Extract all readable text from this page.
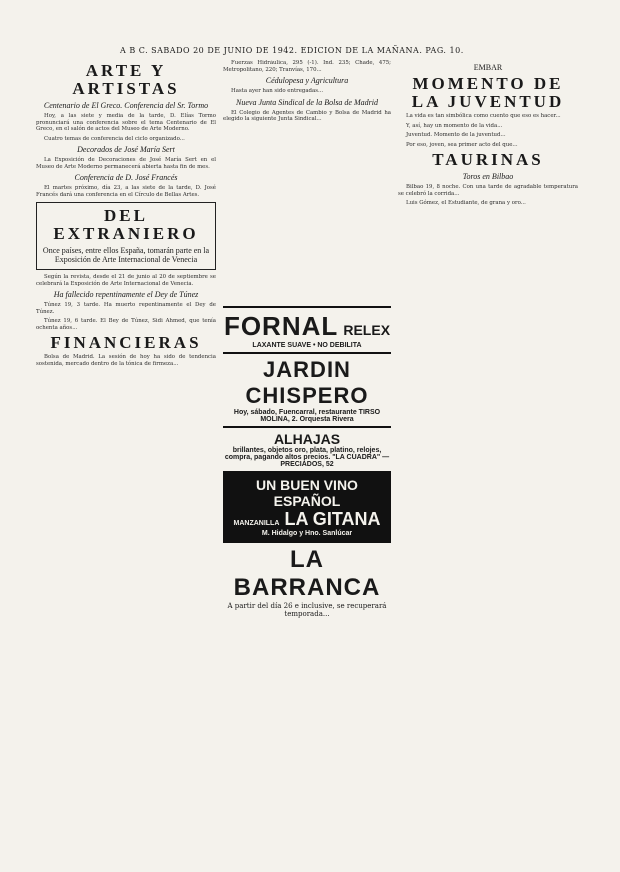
A B C. SABADO 20 DE JUNIO DE 1942. EDICION DE LA MAÑANA. PAG. 10.
ARTE Y ARTISTAS
Centenario de El Greco. Conferencia del Sr. Tormo

Hoy, a las siete y media de la tarde, D. Elías Tormo pronunciará una conferencia sobre el tema Centenario de El Greco, en el salón de actos del Museo de Arte Moderno.

Cuatro temas de conferencia del ciclo organizado...

Decorados de José María Sert

La Exposición de Decoraciones de José María Sert en el Museo de Arte Moderno permanecerá abierta hasta fin de mes.

Conferencia de D. José Francés

El martes próximo, día 23, a las siete de la tarde, D. José Francés dará una conferencia en el Círculo de Bellas Artes.

DEL EXTRANIERO
Once países, entre ellos España, tomarán parte en la Exposición de Arte Internacional de Venecia

Según la revista, desde el 21 de junio al 20 de septiembre se celebrará la Exposición de Arte Internacional de Venecia.

Ha fallecido repentinamente el Dey de Túnez

Túnez 19, 3 tarde. Ha muerto repentinamente el Dey de Túnez.

Túnez 19, 6 tarde. El Bey de Túnez, Sidi Ahmed, que tenía ochenta años...

FINANCIERAS

Bolsa de Madrid. La sesión de hoy ha sido de tendencia sostenida, mercado dentro de la tónica de firmeza...

Fuerzas Hidráulica, 295 (-1). Ind. 235; Chade, 475; Metropolitano, 220; Tranvías, 170...

Cédulopesa y Agricultura

Hasta ayer han sido entregadas...

Nueva Junta Sindical de la Bolsa de Madrid

El Colegio de Agentes de Cambio y Bolsa de Madrid ha elegido la siguiente Junta Sindical...

FORNAL RELEX
LAXANTE SUAVE • NO DEBILITA
JARDIN CHISPERO
Hoy, sábado, Fuencarral, restaurante TIRSO MOLINA, 2. Orquesta Rivera
ALHAJAS
brillantes, objetos oro, plata, platino, relojes, compra, pagando altos precios. "LA CUADRA" — PRECIADOS, 52
UN BUEN VINO ESPAÑOL
MANZANILLA LA GITANA
M. Hidalgo y Hno. Sanlúcar
LA BARRANCA
A partir del día 26 e inclusive, se recuperará temporada...
EMBAR
MOMENTO DE LA JUVENTUD

La vida es tan simbólica como cuento que eso es hacer...

Y, así, hay un momento de la vida...

Juventud. Momento de la juventud...

Por eso, joven, sea primer acto del que...

TAURINAS
Toros en Bilbao

Bilbao 19, 8 noche. Con una tarde de agradable temperatura se celebró la corrida...

Luis Gómez, el Estudiante, de grana y oro...
